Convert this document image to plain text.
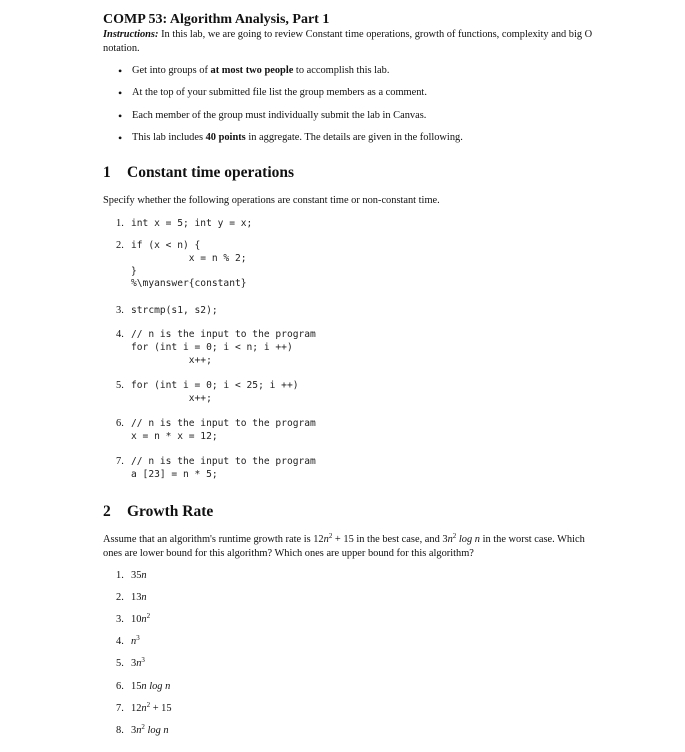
COMP 53: Algorithm Analysis, Part 1
Instructions: In this lab, we are going to review Constant time operations, growth of functions, complexity and big O notation.
• Get into groups of at most two people to accomplish this lab.
• At the top of your submitted file list the group members as a comment.
• Each member of the group must individually submit the lab in Canvas.
• This lab includes 40 points in aggregate. The details are given in the following.
1 Constant time operations
Specify whether the following operations are constant time or non-constant time.
1. int x = 5; int y = x;
2. if (x < n) {
x = n % 2;
}
%\myanswer{constant}
3. strcmp(s1, s2);
4. // n is the input to the program
for (int i = 0; i < n; i ++)
x++;
5. for (int i = 0; i < 25; i ++)
x++;
6. // n is the input to the program
x = n * x = 12;
7. // n is the input to the program
a [23] = n * 5;
2 Growth Rate
Assume that an algorithm's runtime growth rate is $12n^2 + 15$ in the best case, and $3n^2$ log n in the worst case. Which ones are lower bound for this algorithm? Which ones are upper bound for this algorithm?
1. 35n
2. 13n
3. $10n^2$
4. $n^3$
5. $3n^3$
6. 15n log n
7. $12n^2 + 15$
8. $3n^2$ log n
